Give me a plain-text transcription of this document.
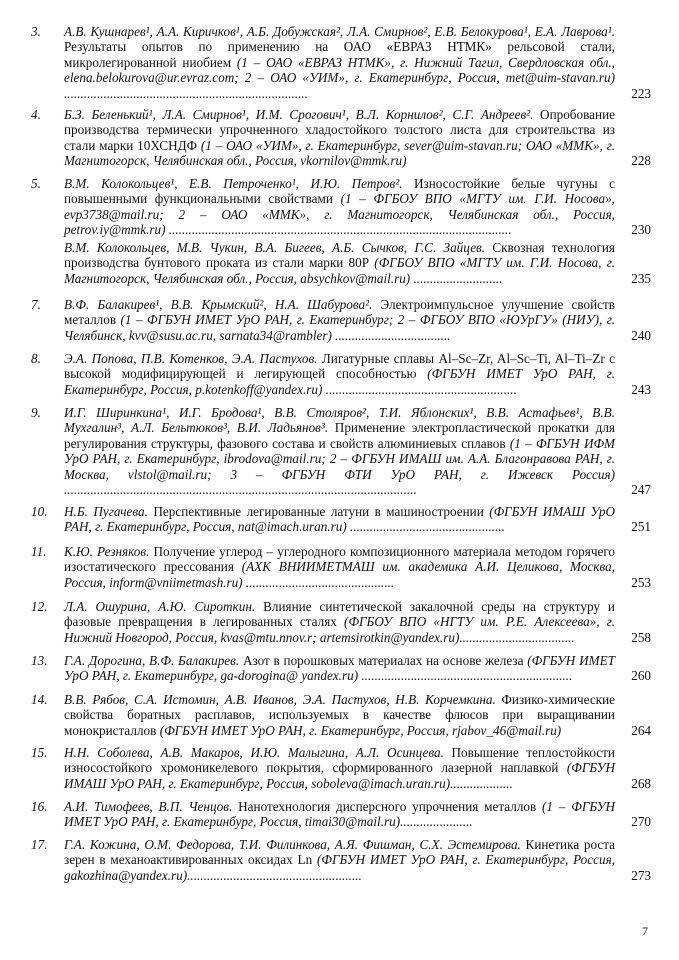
3. А.В. Кушнарев¹, А.А. Киричков¹, А.Б. Добужская², Л.А. Смирнов², Е.В. Белокурова¹, Е.А. Лаврова¹. Результаты опытов по применению на ОАО «ЕВРАЗ НТМК» рельсовой стали, микролегированной ниобием (1 – ОАО «ЕВРАЗ НТМК», г. Нижний Тагил, Свердловская обл., elena.belokurova@ur.evraz.com; 2 – ОАО «УИМ», г. Екатеринбург, Россия, met@uim-stavan.ru) ..........................................................................	223
4. Б.З. Беленький¹, Л.А. Смирнов¹, И.М. Срогович¹, В.Л. Корнилов², С.Г. Андреев². Опробование производства термически упрочненного хладостойкого толстого листа для строительства из стали марки 10ХСНДФ (1 – ОАО «УИМ», г. Екатеринбург, sever@uim-stavan.ru; ОАО «ММК», г. Магнитогорск, Челябинская обл., Россия, vkornilov@mmk.ru)	228
5. В.М. Колокольцев¹, Е.В. Петроченко¹, И.Ю. Петров². Износостойкие белые чугуны с повышенными функциональными свойствами (1 – ФГБОУ ВПО «МГТУ им. Г.И. Носова», evp3738@mail.ru; 2 – ОАО «ММК», г. Магнитогорск, Челябинская обл., Россия, petrov.iy@mmk.ru) ........................................................................................................	230
В.М. Колокольцев, М.В. Чукин, В.А. Бигеев, А.Б. Сычков, Г.С. Зайцев. Сквозная технология производства бунтового проката из стали марки 80Р (ФГБОУ ВПО «МГТУ им. Г.И. Носова, г. Магнитогорск, Челябинская обл., Россия, absychkov@mail.ru) ...........................	235
7. В.Ф. Балакирев¹, В.В. Крымский², Н.А. Шабурова². Электроимпульсное улучшение свойств металлов (1 – ФГБУН ИМЕТ УрО РАН, г. Екатеринбург; 2 – ФГБОУ ВПО «ЮУрГУ» (НИУ), г. Челябинск, kvv@susu.ac.ru, sarnata34@rambler) ...................................	240
8. Э.А. Попова, П.В. Котенков, Э.А. Пастухов. Лигатурные сплавы Al–Sc–Zr, Al–Sc–Ti, Al–Ti–Zr с высокой модифицирующей и легирующей способностью (ФГБУН ИМЕТ УрО РАН, г. Екатеринбург, Россия, p.kotenkoff@yandex.ru) ..........................................................	243
9. И.Г. Ширинкина¹, И.Г. Бродова¹, В.В. Столяров², Т.И. Яблонских¹, В.В. Астафьев¹, В.В. Мухгалин³, А.Л. Бельтюков³, В.И. Ладьянов³. Применение электропластической прокатки для регулирования структуры, фазового состава и свойств алюминиевых сплавов (1 – ФГБУН ИФМ УрО РАН, г. Екатеринбург, ibrodova@mail.ru; 2 – ФГБУН ИМАШ им. А.А. Благонравова РАН, г. Москва, vlstol@mail.ru; 3 – ФГБУН ФТИ УрО РАН, г. Ижевск Россия) ...........................................................................................................	247
10. Н.Б. Пугачева. Перспективные легированные латуни в машиностроении (ФГБУН ИМАШ УрО РАН, г. Екатеринбург, Россия, nat@imach.uran.ru) ...............................................	251
11. К.Ю. Резняков. Получение углерод – углеродного композиционного материала методом горячего изостатического прессования (АХК ВНИИМЕТМАШ им. академика А.И. Целикова, Москва, Россия, inform@vniimetmash.ru) .............................................	253
12. Л.А. Ошурина, А.Ю. Сироткин. Влияние синтетической закалочной среды на структуру и фазовые превращения в легированных сталях (ФГБОУ ВПО «НГТУ им. Р.Е. Алексеева», г. Нижний Новгород, Россия, kvas@mtu.nnov.r; artemsirotkin@yandex.ru)...................................	258
13. Г.А. Дорогина, В.Ф. Балакирев. Азот в порошковых материалах на основе железа (ФГБУН ИМЕТ УрО РАН, г. Екатеринбург, ga-dorogina@ yandex.ru) ................................................................	260
14. В.В. Рябов, С.А. Истомин, А.В. Иванов, Э.А. Пастухов, Н.В. Корчемкина. Физико-химические свойства боратных расплавов, используемых в качестве флюсов при выращивании монокристаллов (ФГБУН ИМЕТ УрО РАН, г. Екатеринбург, Россия, rjabov_46@mail.ru)	264
15. Н.Н. Соболева, А.В. Макаров, И.Ю. Малыгина, А.Л. Осинцева. Повышение теплостойкости износостойкого хромоникелевого покрытия, сформированного лазерной наплавкой (ФГБУН ИМАШ УрО РАН, г. Екатеринбург, Россия, soboleva@imach.uran.ru)...................	268
16. А.И. Тимофеев, В.П. Ченцов. Нанотехнология дисперсного упрочнения металлов (1 – ФГБУН ИМЕТ УрО РАН, г. Екатеринбург, Россия, timai30@mail.ru)......................	270
17. Г.А. Кожина, О.М. Федорова, Т.И. Филинкова, А.Я. Фишман, С.Х. Эстемирова. Кинетика роста зерен в механоактивированных оксидах Ln (ФГБУН ИМЕТ УрО РАН, г. Екатеринбург, Россия, gakozhina@yandex.ru).....................................................	273
7
